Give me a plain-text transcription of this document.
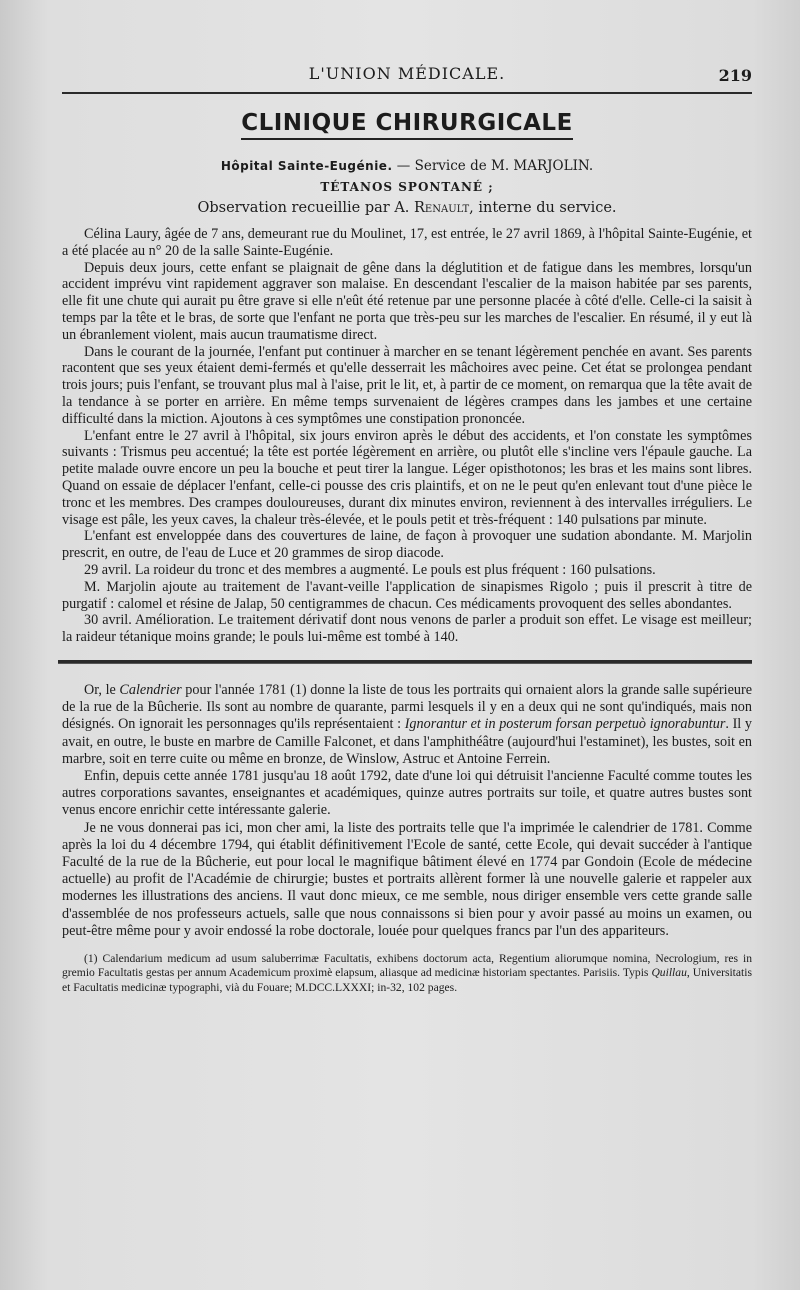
L'UNION MÉDICALE.	219
CLINIQUE CHIRURGICALE
Hôpital Sainte-Eugénie. — Service de M. MARJOLIN.
TÉTANOS SPONTANÉ ;
Observation recueillie par A. Renault, interne du service.

Célina Laury, âgée de 7 ans, demeurant rue du Moulinet, 17, est entrée, le 27 avril 1869, à l'hôpital Sainte-Eugénie, et a été placée au n° 20 de la salle Sainte-Eugénie.

Depuis deux jours, cette enfant se plaignait de gêne dans la déglutition et de fatigue dans les membres, lorsqu'un accident imprévu vint rapidement aggraver son malaise. En descendant l'escalier de la maison habitée par ses parents, elle fit une chute qui aurait pu être grave si elle n'eût été retenue par une personne placée à côté d'elle. Celle-ci la saisit à temps par la tête et le bras, de sorte que l'enfant ne porta que très-peu sur les marches de l'escalier. En résumé, il y eut là un ébranlement violent, mais aucun traumatisme direct.

Dans le courant de la journée, l'enfant put continuer à marcher en se tenant légèrement penchée en avant. Ses parents racontent que ses yeux étaient demi-fermés et qu'elle desserrait les mâchoires avec peine. Cet état se prolongea pendant trois jours; puis l'enfant, se trouvant plus mal à l'aise, prit le lit, et, à partir de ce moment, on remarqua que la tête avait de la tendance à se porter en arrière. En même temps survenaient de légères crampes dans les jambes et une certaine difficulté dans la miction. Ajoutons à ces symptômes une constipation prononcée.

L'enfant entre le 27 avril à l'hôpital, six jours environ après le début des accidents, et l'on constate les symptômes suivants : Trismus peu accentué; la tête est portée légèrement en arrière, ou plutôt elle s'incline vers l'épaule gauche. La petite malade ouvre encore un peu la bouche et peut tirer la langue. Léger opisthotonos; les bras et les mains sont libres. Quand on essaie de déplacer l'enfant, celle-ci pousse des cris plaintifs, et on ne le peut qu'en enlevant tout d'une pièce le tronc et les membres. Des crampes douloureuses, durant dix minutes environ, reviennent à des intervalles irréguliers. Le visage est pâle, les yeux caves, la chaleur très-élevée, et le pouls petit et très-fréquent : 140 pulsations par minute.

L'enfant est enveloppée dans des couvertures de laine, de façon à provoquer une sudation abondante. M. Marjolin prescrit, en outre, de l'eau de Luce et 20 grammes de sirop diacode.

29 avril. La roideur du tronc et des membres a augmenté. Le pouls est plus fréquent : 160 pulsations.

M. Marjolin ajoute au traitement de l'avant-veille l'application de sinapismes Rigolo ; puis il prescrit à titre de purgatif : calomel et résine de Jalap, 50 centigrammes de chacun. Ces médicaments provoquent des selles abondantes.

30 avril. Amélioration. Le traitement dérivatif dont nous venons de parler a produit son effet. Le visage est meilleur; la raideur tétanique moins grande; le pouls lui-même est tombé à 140.

Or, le Calendrier pour l'année 1781 (1) donne la liste de tous les portraits qui ornaient alors la grande salle supérieure de la rue de la Bûcherie. Ils sont au nombre de quarante, parmi lesquels il y en a deux qui ne sont qu'indiqués, mais non désignés. On ignorait les personnages qu'ils représentaient : Ignorantur et in posterum forsan perpetuò ignorabuntur. Il y avait, en outre, le buste en marbre de Camille Falconet, et dans l'amphithéâtre (aujourd'hui l'estaminet), les bustes, soit en marbre, soit en terre cuite ou même en bronze, de Winslow, Astruc et Antoine Ferrein.

Enfin, depuis cette année 1781 jusqu'au 18 août 1792, date d'une loi qui détruisit l'ancienne Faculté comme toutes les autres corporations savantes, enseignantes et académiques, quinze autres portraits sur toile, et quatre autres bustes sont venus encore enrichir cette intéressante galerie.

Je ne vous donnerai pas ici, mon cher ami, la liste des portraits telle que l'a imprimée le calendrier de 1781. Comme après la loi du 4 décembre 1794, qui établit définitivement l'Ecole de santé, cette Ecole, qui devait succéder à l'antique Faculté de la rue de la Bûcherie, eut pour local le magnifique bâtiment élevé en 1774 par Gondoin (Ecole de médecine actuelle) au profit de l'Académie de chirurgie; bustes et portraits allèrent former là une nouvelle galerie et rappeler aux modernes les illustrations des anciens. Il vaut donc mieux, ce me semble, nous diriger ensemble vers cette grande salle d'assemblée de nos professeurs actuels, salle que nous connaissons si bien pour y avoir passé au moins un examen, ou peut-être même pour y avoir endossé la robe doctorale, louée pour quelques francs par l'un des appariteurs.

(1) Calendarium medicum ad usum saluberrimæ Facultatis, exhibens doctorum acta, Regentium aliorumque nomina, Necrologium, res in gremio Facultatis gestas per annum Academicum proximè elapsum, aliasque ad medicinæ historiam spectantes. Parisiis. Typis Quillau, Universitatis et Facultatis medicinæ typographi, vià du Fouare; M.DCC.LXXXI; in-32, 102 pages.
